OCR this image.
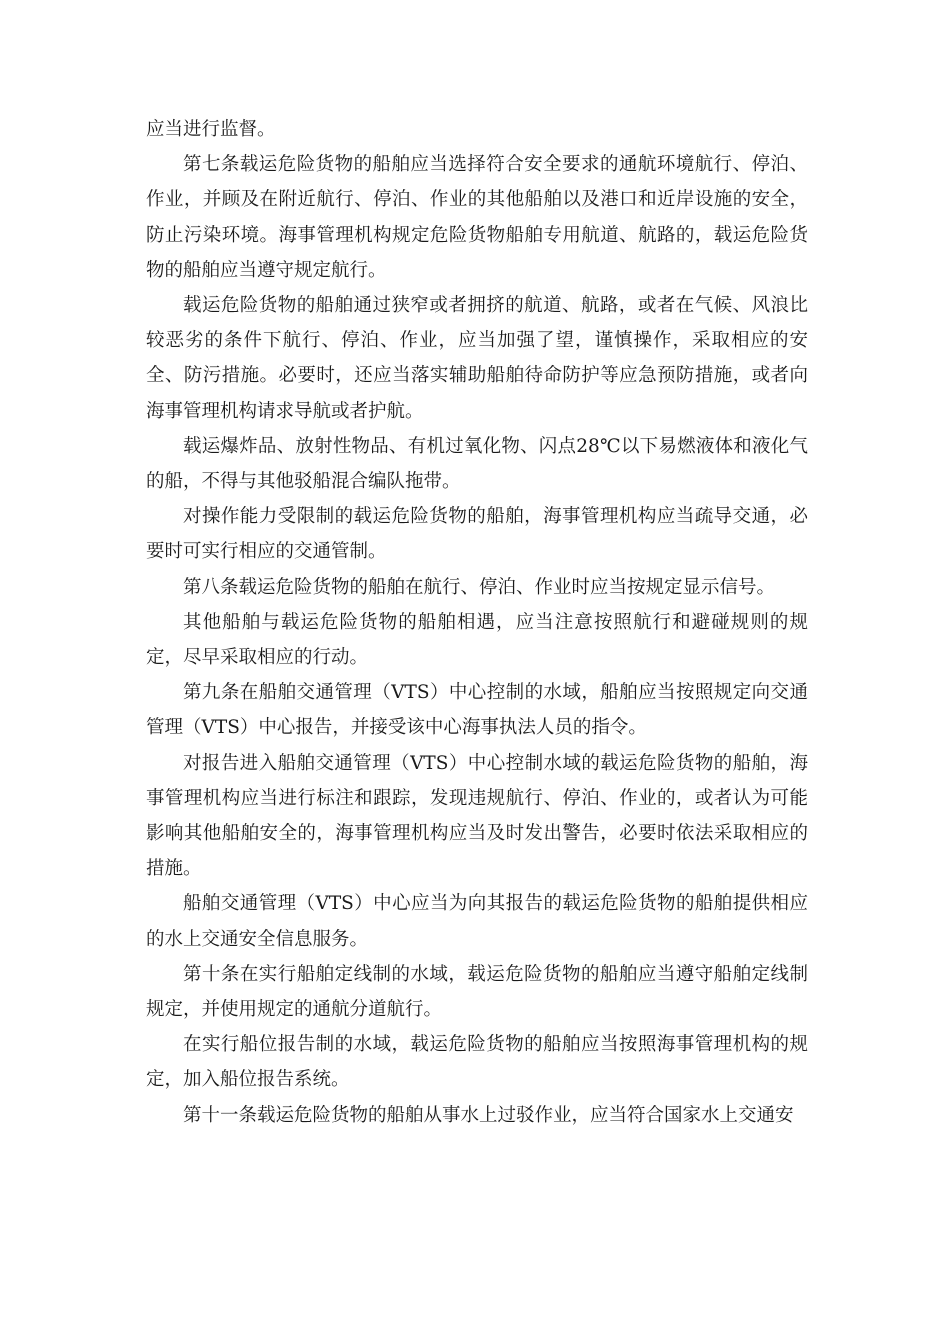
应当进行监督。

第七条载运危险货物的船舶应当选择符合安全要求的通航环境航行、停泊、作业，并顾及在附近航行、停泊、作业的其他船舶以及港口和近岸设施的安全，防止污染环境。海事管理机构规定危险货物船舶专用航道、航路的，载运危险货物的船舶应当遵守规定航行。

载运危险货物的船舶通过狭窄或者拥挤的航道、航路，或者在气候、风浪比较恶劣的条件下航行、停泊、作业，应当加强了望，谨慎操作，采取相应的安全、防污措施。必要时，还应当落实辅助船舶待命防护等应急预防措施，或者向海事管理机构请求导航或者护航。

载运爆炸品、放射性物品、有机过氧化物、闪点28℃以下易燃液体和液化气的船，不得与其他驳船混合编队拖带。

对操作能力受限制的载运危险货物的船舶，海事管理机构应当疏导交通，必要时可实行相应的交通管制。

第八条载运危险货物的船舶在航行、停泊、作业时应当按规定显示信号。

其他船舶与载运危险货物的船舶相遇，应当注意按照航行和避碰规则的规定，尽早采取相应的行动。

第九条在船舶交通管理（VTS）中心控制的水域，船舶应当按照规定向交通管理（VTS）中心报告，并接受该中心海事执法人员的指令。

对报告进入船舶交通管理（VTS）中心控制水域的载运危险货物的船舶，海事管理机构应当进行标注和跟踪，发现违规航行、停泊、作业的，或者认为可能影响其他船舶安全的，海事管理机构应当及时发出警告，必要时依法采取相应的措施。

船舶交通管理（VTS）中心应当为向其报告的载运危险货物的船舶提供相应的水上交通安全信息服务。

第十条在实行船舶定线制的水域，载运危险货物的船舶应当遵守船舶定线制规定，并使用规定的通航分道航行。

在实行船位报告制的水域，载运危险货物的船舶应当按照海事管理机构的规定，加入船位报告系统。

第十一条载运危险货物的船舶从事水上过驳作业，应当符合国家水上交通安
